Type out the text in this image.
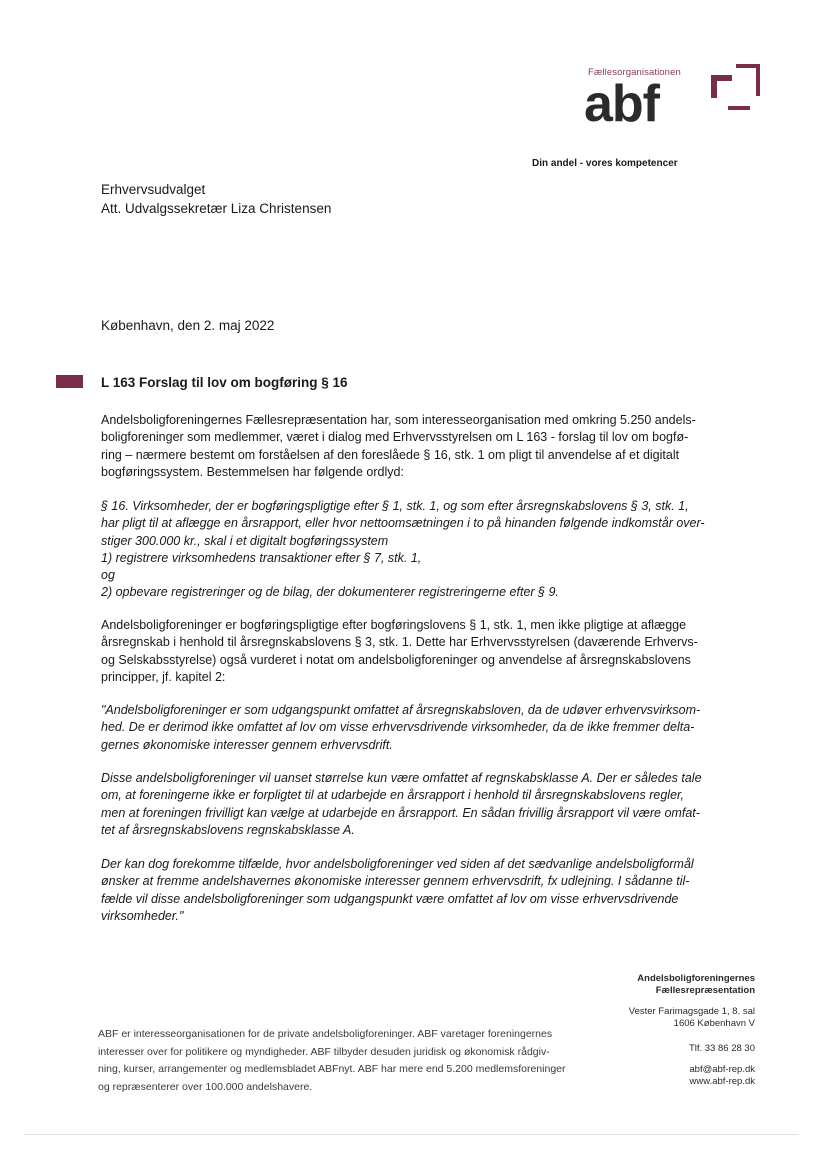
Fællesorganisationen
abf
Din andel - vores kompetencer
Erhvervsudvalget
Att. Udvalgssekretær Liza Christensen
København, den 2. maj 2022
L 163 Forslag til lov om bogføring § 16
Andelsboligforeningernes Fællesrepræsentation har, som interesseorganisation med omkring 5.250 andels-
boligforeninger som medlemmer, været i dialog med Erhvervsstyrelsen om L 163 - forslag til lov om bogfø-
ring – nærmere bestemt om forståelsen af den foreslåede § 16, stk. 1 om pligt til anvendelse af et digitalt
bogføringssystem. Bestemmelsen har følgende ordlyd:
§ 16. Virksomheder, der er bogføringspligtige efter § 1, stk. 1, og som efter årsregnskabslovens § 3, stk. 1,
har pligt til at aflægge en årsrapport, eller hvor nettoomsætningen i to på hinanden følgende indkomstår over-
stiger 300.000 kr., skal i et digitalt bogføringssystem
1) registrere virksomhedens transaktioner efter § 7, stk. 1,
og
2) opbevare registreringer og de bilag, der dokumenterer registreringerne efter § 9.
Andelsboligforeninger er bogføringspligtige efter bogføringslovens § 1, stk. 1, men ikke pligtige at aflægge
årsregnskab i henhold til årsregnskabslovens § 3, stk. 1. Dette har Erhvervsstyrelsen (daværende Erhvervs-
og Selskabsstyrelse) også vurderet i notat om andelsboligforeninger og anvendelse af årsregnskabslovens
principper, jf. kapitel 2:
"Andelsboligforeninger er som udgangspunkt omfattet af årsregnskabsloven, da de udøver erhvervsvirksom-
hed. De er derimod ikke omfattet af lov om visse erhvervsdrivende virksomheder, da de ikke fremmer delta-
gernes økonomiske interesser gennem erhvervsdrift.
Disse andelsboligforeninger vil uanset størrelse kun være omfattet af regnskabsklasse A. Der er således tale
om, at foreningerne ikke er forpligtet til at udarbejde en årsrapport i henhold til årsregnskabslovens regler,
men at foreningen frivilligt kan vælge at udarbejde en årsrapport. En sådan frivillig årsrapport vil være omfat-
tet af årsregnskabslovens regnskabsklasse A.
Der kan dog forekomme tilfælde, hvor andelsboligforeninger ved siden af det sædvanlige andelsboligformål
ønsker at fremme andelshavernes økonomiske interesser gennem erhvervsdrift, fx udlejning. I sådanne til-
fælde vil disse andelsboligforeninger som udgangspunkt være omfattet af lov om visse erhvervsdrivende
virksomheder."
Andelsboligforeningernes
Fællesrepræsentation
Vester Farimagsgade 1, 8. sal
1606 København V
Tlf. 33 86 28 30
abf@abf-rep.dk
www.abf-rep.dk
ABF er interesseorganisationen for de private andelsboligforeninger. ABF varetager foreningernes
interesser over for politikere og myndigheder. ABF tilbyder desuden juridisk og økonomisk rådgiv-
ning, kurser, arrangementer og medlemsbladet ABFnyt. ABF har mere end 5.200 medlemsforeninger
og repræsenterer over 100.000 andelshavere.
